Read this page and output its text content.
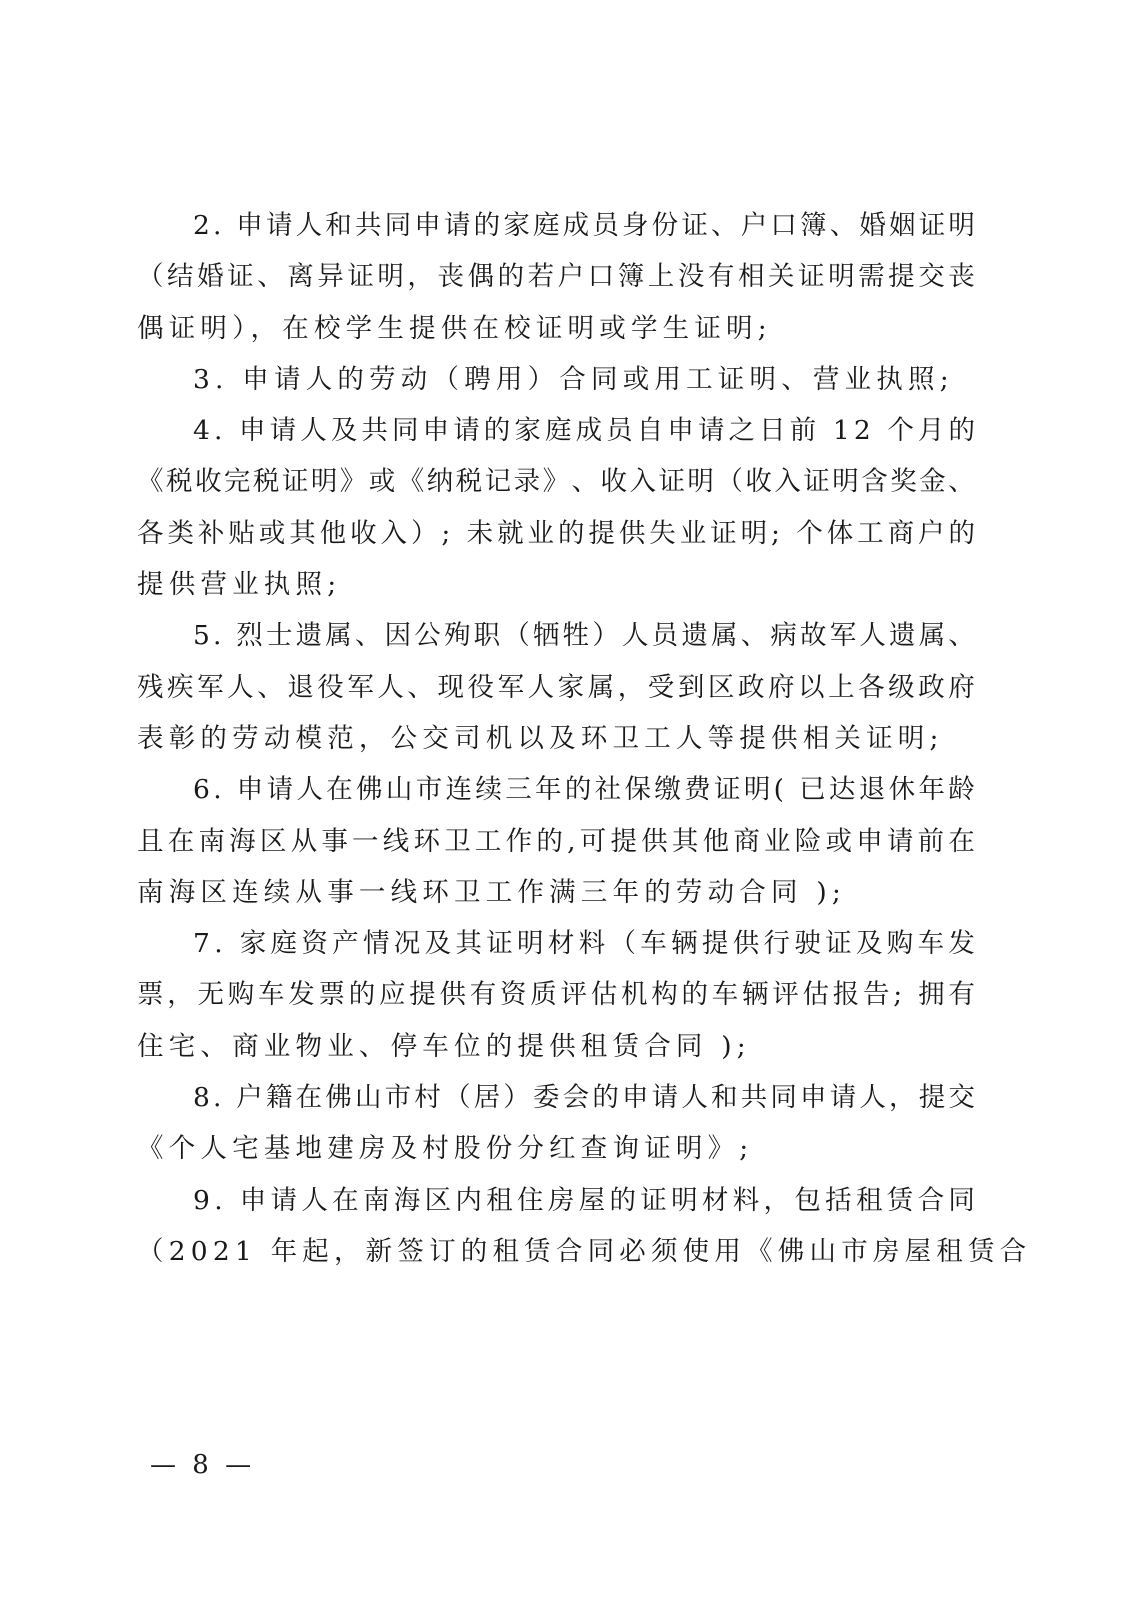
2 .
申 请 人 和 共 同 申 请 的 家 庭 成 员 身 份 证 、 户 口 簿 、 婚 姻 证 明
（ 结 婚 证 、 离 异 证 明 ， 丧 偶 的 若 户 口 簿 上 没 有 相 关 证 明 需 提 交 丧
偶证明），在校学生提供在校证明或学生证明;
3. 申请人的劳动（聘用）合同或用工证明、营业执照;
4 .
申 请 人 及 共 同 申 请 的 家 庭 成 员 自 申 请 之 日 前
1 2
个 月 的
《 税 收 完 税 证 明 》 或 《 纳 税 记 录 》 、 收 入 证 明 （ 收 入 证 明 含 奖 金 、
各 类 补 贴 或 其 他 收 入 ） ;
未 就 业 的 提 供 失 业 证 明 ;
个 体 工 商 户 的
提供营业执照;
5 .
烈 士 遗 属 、 因 公 殉 职 （ 牺 牲 ） 人 员 遗 属 、 病 故 军 人 遗 属 、
残 疾 军 人 、 退 役 军 人 、 现 役 军 人 家 属 ， 受 到 区 政 府 以 上 各 级 政 府
表彰的劳动模范，公交司机以及环卫工人等提供相关证明;
6 .
申 请 人 在 佛 山 市 连 续 三 年 的 社 保 缴 费 证 明 (
已 达 退 休 年 龄
且 在 南 海 区 从 事 一 线 环 卫 工 作 的 , 可 提 供 其 他 商 业 险 或 申 请 前 在
南海区连续从事一线环卫工作满三年的劳动合同 );
7 .
家 庭 资 产 情 况 及 其 证 明 材 料 （ 车 辆 提 供 行 驶 证 及 购 车 发
票 ， 无 购 车 发 票 的 应 提 供 有 资 质 评 估 机 构 的 车 辆 评 估 报 告 ;
拥 有
住宅、商业物业、停车位的提供租赁合同 );
8 .
户 籍 在 佛 山 市 村 （ 居 ） 委 会 的 申 请 人 和 共 同 申 请 人 ， 提 交
《个人宅基地建房及村股份分红查询证明》;
9 .
申 请 人 在 南 海 区 内 租 住 房 屋 的 证 明 材 料 ， 包 括 租 赁 合 同
（2021 年起，新签订的租赁合同必须使用《佛山市房屋租赁合
— 8 —
